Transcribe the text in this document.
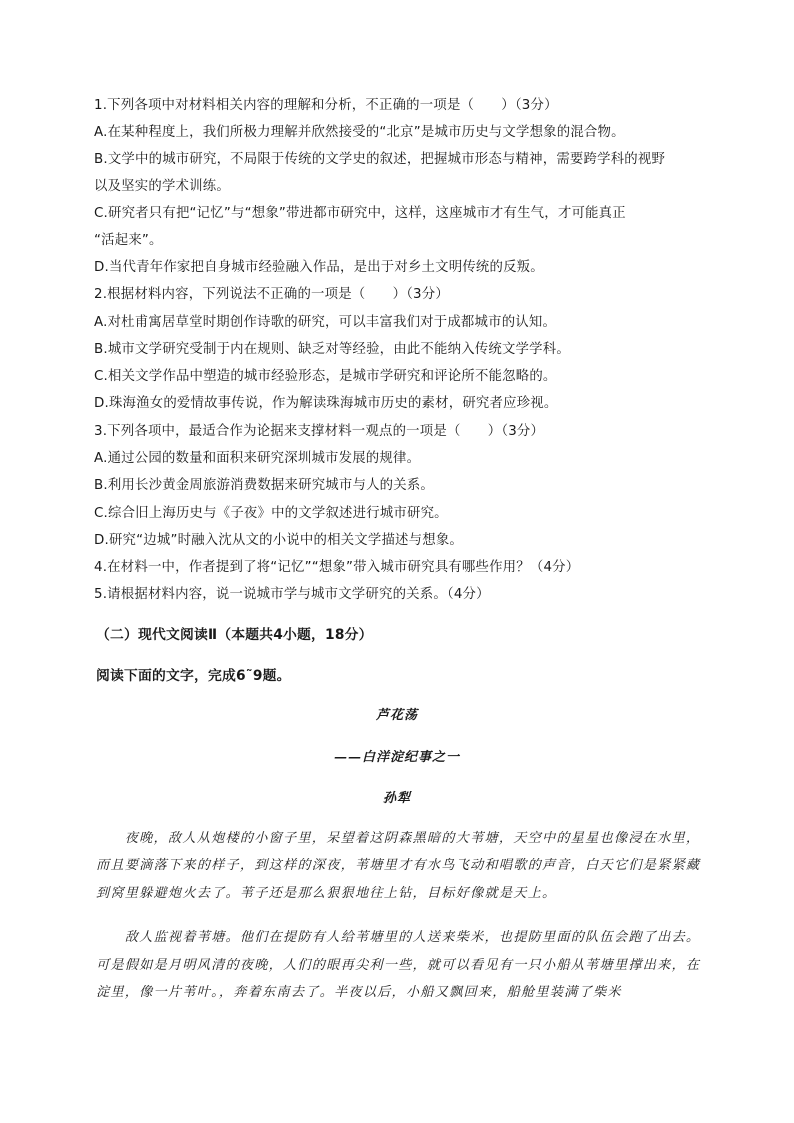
1.下列各项中对材料相关内容的理解和分析，不正确的一项是（　　）（3分）
A.在某种程度上，我们所极力理解并欣然接受的“北京”是城市历史与文学想象的混合物。
B.文学中的城市研究，不局限于传统的文学史的叙述，把握城市形态与精神，需要跨学科的视野
以及坚实的学术训练。
C.研究者只有把“记忆”与“想象”带进都市研究中，这样，这座城市才有生气，才可能真正
“活起来”。
D.当代青年作家把自身城市经验融入作品，是出于对乡土文明传统的反叛。
2.根据材料内容，下列说法不正确的一项是（　　）（3分）
A.对杜甫寓居草堂时期创作诗歌的研究，可以丰富我们对于成都城市的认知。
B.城市文学研究受制于内在规则、缺乏对等经验，由此不能纳入传统文学学科。
C.相关文学作品中塑造的城市经验形态，是城市学研究和评论所不能忽略的。
D.珠海渔女的爱情故事传说，作为解读珠海城市历史的素材，研究者应珍视。
3.下列各项中，最适合作为论据来支撑材料一观点的一项是（　　）（3分）
A.通过公园的数量和面积来研究深圳城市发展的规律。
B.利用长沙黄金周旅游消费数据来研究城市与人的关系。
C.综合旧上海历史与《子夜》中的文学叙述进行城市研究。
D.研究“边城”时融入沈从文的小说中的相关文学描述与想象。
4.在材料一中，作者提到了将“记忆”“想象”带入城市研究具有哪些作用？（4分）
5.请根据材料内容，说一说城市学与城市文学研究的关系。（4分）
（二）现代文阅读Ⅱ（本题共4小题，18分）
阅读下面的文字，完成6˜9题。
芦花荡
——白洋淀纪事之一
孙犁
　　夜晚，敌人从炮楼的小窗子里，呆望着这阴森黑暗的大苇塘，天空中的星星也像浸在水里，
而且要滴落下来的样子，到这样的深夜，苇塘里才有水鸟飞动和唱歌的声音，白天它们是紧紧藏
到窝里躲避炮火去了。苇子还是那么狠狠地往上钻，目标好像就是天上。
　　敌人监视着苇塘。他们在提防有人给苇塘里的人送来柴米，也提防里面的队伍会跑了出去。
可是假如是月明风清的夜晚，人们的眼再尖利一些，就可以看见有一只小船从苇塘里撑出来，在
淀里，像一片苇叶。，奔着东南去了。半夜以后，小船又飘回来，船舱里装满了柴米
